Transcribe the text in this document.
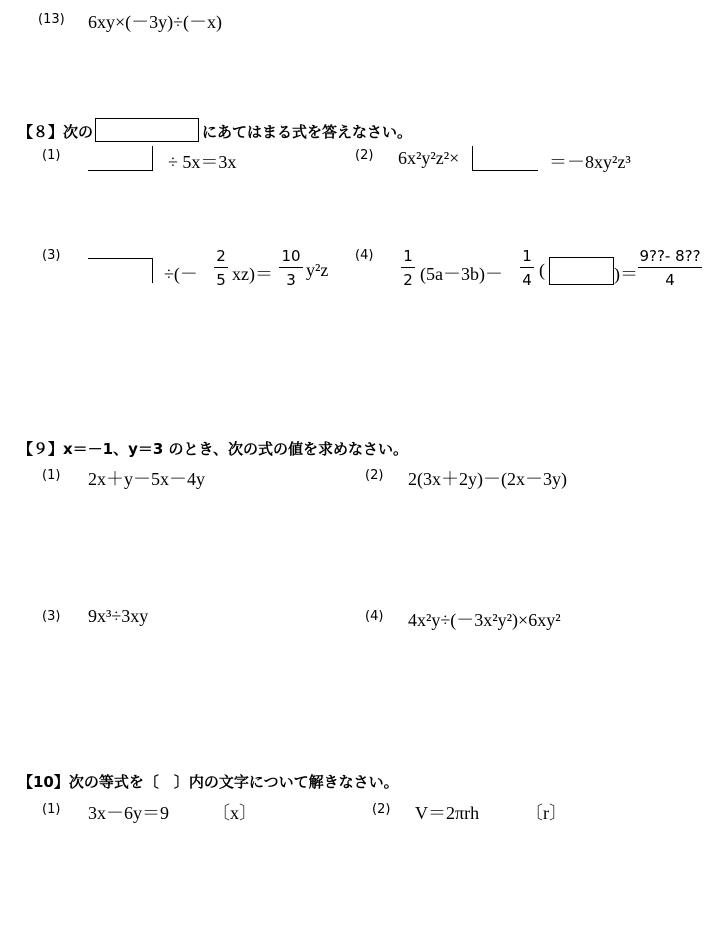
(13) 6xy×(－3y)÷(－x)
【８】次の	にあてはまる式を答えなさい。
(1)	÷ 5x＝3x	(2) 6x²y²z²×	＝－8xy²z³
(3)
÷(－
2
5 xz)＝
10
3 y²z
(4) 1
2 (5a－3b)－
1
4 (	)＝
9??- 8??
4
【９】x＝－1、y＝3 のとき、次の式の値を求めなさい。
(1) 2x＋y－5x－4y	(2) 2(3x＋2y)－(2x－3y)
(3) 9x³÷3xy	(4) 4x²y÷(－3x²y²)×6xy²
【10】次の等式を〔　〕内の文字について解きなさい。
(1) 3x－6y＝9 〔x〕	(2) V＝2πrh	〔r〕
